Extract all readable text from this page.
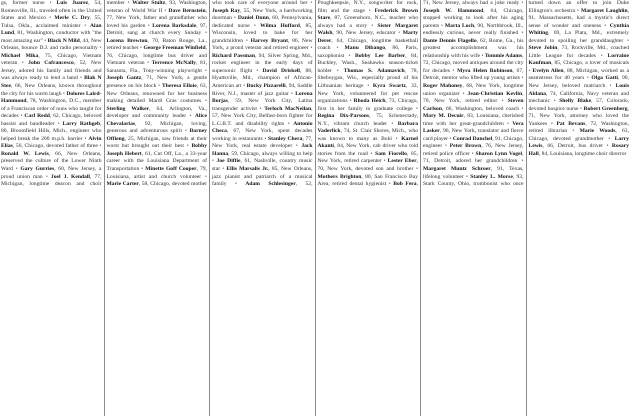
gs, former nurse • Luis Juarez, 54, Romeoville, Ill., traveled often in the United States and Mexico • Merle C. Dry, 55, Tulsa, Okla., acclaimed minister • Alan Lund, 81, Washington, conductor with "the most amazing ear" • Black N Mild, 44, New Orleans, bounce D.J. and radio personality • Michael Mika, 75, Chicago, Vietnam veteran • John Cofrancesco, 52, New Jersey, adored his family and friends and was always ready to lend a hand • Blak N Stee, 66, New Orleans, known throughout the city for his warm laugh • Dolores Laird-Hammond, 78, Washington, D.C., member of a Franciscan order of nuns who taught for decades • Carl Redd, 62, Chicago, beloved bassist and bandleader • Larry Rathgeb, 80, Bloomfield Hills, Mich., engineer who helped break the 200 m.p.h. barrier • Alvin Elias, 56, Chicago, devoted father of three • Ronald W. Lewis, 66, New Orleans, preserved the culture of the Lower Ninth Ward • Gary Gurries, 60, New Jersey, a proud union man • Joel J. Kendall, 77, Michigan, longtime deacon and choir member • Walter Stultz, 93, Washington, veteran of World War II • Dave Bernstein, 77, New York, father and grandfather who loved his garden • Lorena Barksdale, 97, Detroit, sang at church every Sunday • Lorena Brewton, 70, Baton Rouge, La., retired teacher • George Freeman Winfield, 76, Chicago, longtime bus driver and Vietnam veteran • Terrence McNally, 81, Sarasota, Fla., Tony-winning playwright • Joseph Gantz, 71, New York, a gentle presence on his block • Theresa Elloie, 63, New Orleans, renowned for her business making detailed Mardi Gras costumes • Sterling Walker, 64, Arlington, Va., developer and community leader • Alice Chevalarias, 92, Michigan, loving, generous and adventurous spirit • Barney Offieng, 25, Michigan, saw friends at their worst but brought out their best • Bobby Joseph Hebert, 61, Cut Off, La., a 33-year career with the Louisiana Department of Transportation • Minette Goff Cooper, 79, Louisiana, artist and church volunteer • Marie Carter, 58, Chicago, devoted mother who took care of everyone around her • Joseph Ray, 55, New York, a hardworking doorman • Daniel Dunn, 60, Pennsylvania, dedicated nurse • Wilma Hufford, 85, Wisconsin, loved to bake for her grandchildren • Harvey Bryant, 86, New York, a proud veteran and retired engineer • Richard Passman, 94, Silver Spring, Md., rocket engineer in the early days of supersonic flight • David Driskell, 88, Hyattsville, Md., champion of African-American art • Bucky Pizzarelli, 94, Saddle River, N.J., master of jazz guitar • Lorena Borjas, 59, New York City, Latina transgender activist • Terloch MacNeilan, 57, New York City, Belfast-born fighter for L.G.B.T. and disability rights • Antonio Checa, 67, New York, spent decades working in restaurants • Stanley Chera, 77, New York, real estate developer • Jack Hanna, 59, Chicago, always willing to help • Joe Diffie, 61, Nashville, country music star • Ellis Marsalis Jr., 85, New Orleans, jazz pianist and patriarch of a musical family • Adam Schlesinger, 52, Poughkeepsie, N.Y., songwriter for rock, film and the stage • Frederick Brown Stare, 87, Greensboro, N.C., teacher who always had a story • Sister Margaret Walsh, 90, New Jersey, educator • Marty Derer, 64, Chicago, longtime basketball coach • Manu Dibango, 86, Paris, saxophonist • Bobby Lee Barber, 84, Buckley, Wash., Seahawks season-ticket holder • Thomas S. Adamavich, 78, Sheboygan, Wis., especially proud of his Lithuanian heritage • Kyra Swartz, 33, New York, volunteered for pet rescue organizations • Rhoda Heich, 73, Chicago, first in her family to graduate college • Regina Dix-Parsons, 75, Schenectady, N.Y., vibrant church leader • Barbara Vaderlick, 74, St. Clair Shores, Mich., who was known to many as Bobi • Karnel Akanti, 84, New York, cab driver who told stories from the road • Sam Fiorello, 85, New York, retired carpenter • Lester Eber, 70, New York, devoted son and brother • Mothers Brighton, 80, San Francisco Bay Area, retired dental hygienist • Bob Fera, 71, New Jersey, always had a joke ready • Joseph W. Hammond, 64, Chicago, stopped working to look after his aging parents • Marta Loch, 90, Northbrook, Ill., endlessly curious, never really finished • Dante Dennis Flagello, 62, Rome, Ga., his greatest accomplishment was his relationship with his wife • Tommie Adams, 72, Chicago, moved antiques around the city for decades • Myra Helen Robinson, 67, Detroit, mentor who lifted up young artists • Roger Mahoney, 68, New York, longtime union organizer • Jean-Christian Kevlin, 70, New York, retired editor • Steven Carlson, 66, Washington, beloved coach • Mary M. Decuir, 83, Louisiana, cherished time with her great-grandchildren • Vera Lasker, 96, New York, translator and fierce card player • Conrad Danchel, 91, Chicago, engineer • Peter Brown, 76, New Jersey, retired police officer • Sharon Lynn Vogel, 71, Detroit, adored her grandchildren • Margaret Muntz Schroer, 91, Texas, lifelong volunteer • Stanley L. Morse, 93, Stark County, Ohio, trombonist who once turned down an offer to join Duke Ellington's orchestra • Margaret Laughlin, 91, Massachusetts, had a mystic's direct sense of wonder and oneness • Cynthia Whiting, 69, La Plata, Md., extremely devoted to spoiling her granddaughter • Steve Jobin, 73, Rockville, Md., coached Little League for decades • Lorraine Kaufman, 85, Chicago, a lover of musicals • Evelyn Allen, 88, Michigan, worked as a seamstress for 40 years • Olga Gatti, 90, New Jersey, beloved matriarch • Louis Aldana, 74, California, Navy veteran and mechanic • Shelly Blake, 57, Colorado, devoted hospice nurse • Robert Greenberg, 71, New York, attorney who loved the Yankees • Pat Bevans, 72, Washington, retired librarian • Marie Woods, 63, Chicago, devoted grandmother • Larry Lewis, 66, Detroit, bus driver • Rosary Hall, 84, Louisiana, longtime choir director
